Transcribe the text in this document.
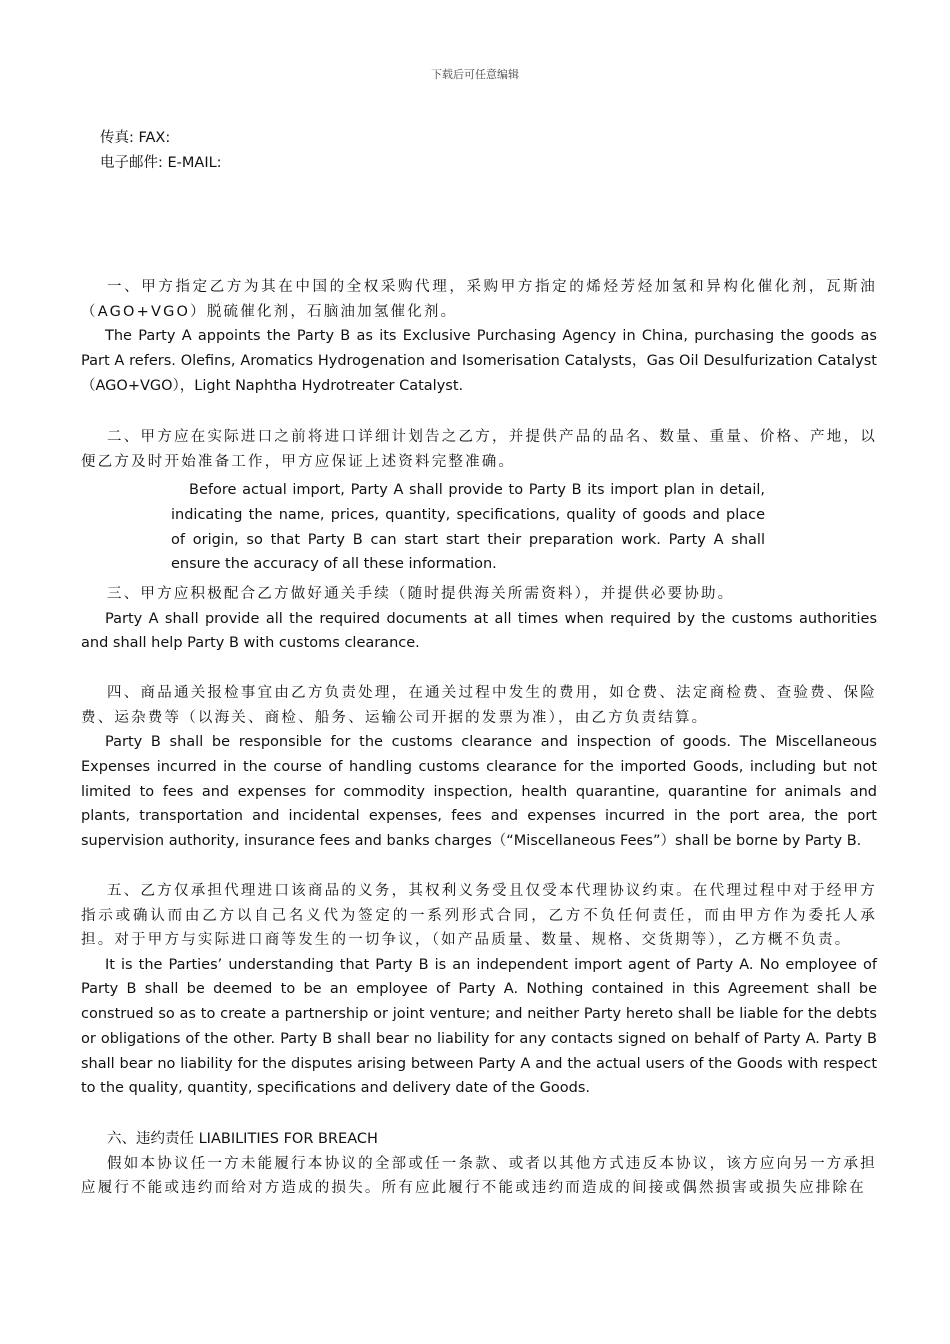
下载后可任意编辑
传真: FAX:
电子邮件: E-MAIL:

一、甲方指定乙方为其在中国的全权采购代理，采购甲方指定的烯烃芳烃加氢和异构化催化剂，瓦斯油（AGO+VGO）脱硫催化剂，石脑油加氢催化剂。

The Party A appoints the Party B as its Exclusive Purchasing Agency in China, purchasing the goods as Part A refers. Olefins, Aromatics Hydrogenation and Isomerisation Catalysts，Gas Oil Desulfurization Catalyst（AGO+VGO），Light Naphtha Hydrotreater Catalyst.

二、甲方应在实际进口之前将进口详细计划告之乙方，并提供产品的品名、数量、重量、价格、产地，以便乙方及时开始准备工作，甲方应保证上述资料完整准确。

Before actual import, Party A shall provide to Party B its import plan in detail, indicating the name, prices, quantity, specifications, quality of goods and place of origin, so that Party B can start start their preparation work. Party A shall ensure the accuracy of all these information.

三、甲方应积极配合乙方做好通关手续（随时提供海关所需资料），并提供必要协助。

Party A shall provide all the required documents at all times when required by the customs authorities and shall help Party B with customs clearance.

四、商品通关报检事宜由乙方负责处理，在通关过程中发生的费用，如仓费、法定商检费、查验费、保险费、运杂费等（以海关、商检、船务、运输公司开据的发票为准），由乙方负责结算。

Party B shall be responsible for the customs clearance and inspection of goods. The Miscellaneous Expenses incurred in the course of handling customs clearance for the imported Goods, including but not limited to fees and expenses for commodity inspection, health quarantine, quarantine for animals and plants, transportation and incidental expenses, fees and expenses incurred in the port area, the port supervision authority, insurance fees and banks charges（“Miscellaneous Fees”）shall be borne by Party B.

五、乙方仅承担代理进口该商品的义务，其权利义务受且仅受本代理协议约束。在代理过程中对于经甲方指示或确认而由乙方以自己名义代为签定的一系列形式合同，乙方不负任何责任，而由甲方作为委托人承担。对于甲方与实际进口商等发生的一切争议，（如产品质量、数量、规格、交货期等），乙方概不负责。

It is the Parties’ understanding that Party B is an independent import agent of Party A. No employee of Party B shall be deemed to be an employee of Party A. Nothing contained in this Agreement shall be construed so as to create a partnership or joint venture; and neither Party hereto shall be liable for the debts or obligations of the other. Party B shall bear no liability for any contacts signed on behalf of Party A. Party B shall bear no liability for the disputes arising between Party A and the actual users of the Goods with respect to the quality, quantity, specifications and delivery date of the Goods.

六、违约责任 LIABILITIES FOR BREACH

假如本协议任一方未能履行本协议的全部或任一条款、或者以其他方式违反本协议，该方应向另一方承担应履行不能或违约而给对方造成的损失。所有应此履行不能或违约而造成的间接或偶然损害或损失应排除在
